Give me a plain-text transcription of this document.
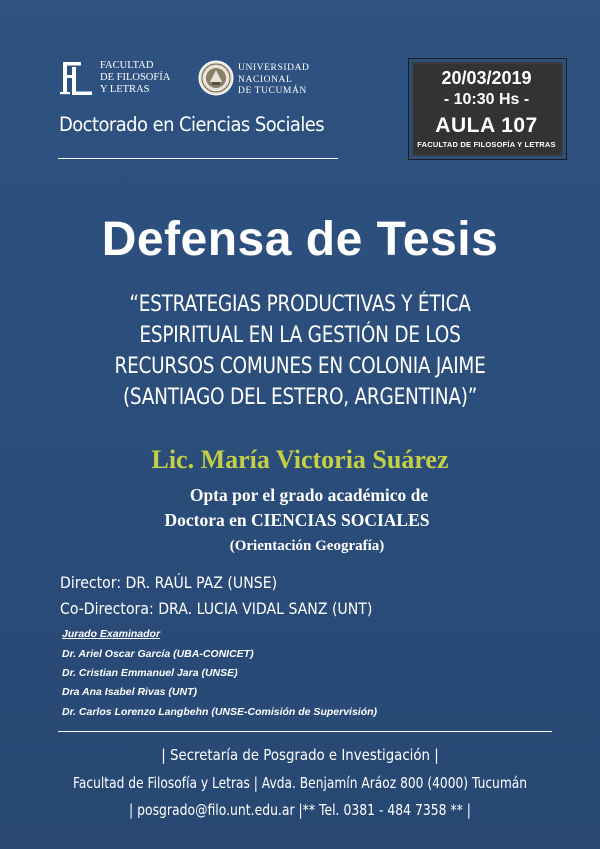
FACULTAD
DE FILOSOFÍA
Y LETRAS
UNIVERSIDAD
NACIONAL
DE TUCUMÁN
Doctorado en Ciencias Sociales
20/03/2019
- 10:30 Hs -
AULA 107
FACULTAD DE FILOSOFÍA Y LETRAS
Defensa de Tesis
“ESTRATEGIAS PRODUCTIVAS Y ÉTICA
ESPIRITUAL EN LA GESTIÓN DE LOS
RECURSOS COMUNES EN COLONIA JAIME
(SANTIAGO DEL ESTERO, ARGENTINA)”
Lic. María Victoria Suárez
Opta por el grado académico de
Doctora en CIENCIAS SOCIALES
(Orientación Geografía)
Director: DR. RAÚL PAZ (UNSE)
Co-Directora: DRA. LUCIA VIDAL SANZ (UNT)
Jurado Examinador
Dr. Ariel Oscar García (UBA-CONICET)
Dr. Cristian Emmanuel Jara (UNSE)
Dra Ana Isabel Rivas (UNT)
Dr. Carlos Lorenzo Langbehn (UNSE-Comisión de Supervisión)
| Secretaría de Posgrado e Investigación |
Facultad de Filosofía y Letras | Avda. Benjamín Aráoz 800 (4000) Tucumán
| posgrado@filo.unt.edu.ar |** Tel. 0381 - 484 7358 ** |
